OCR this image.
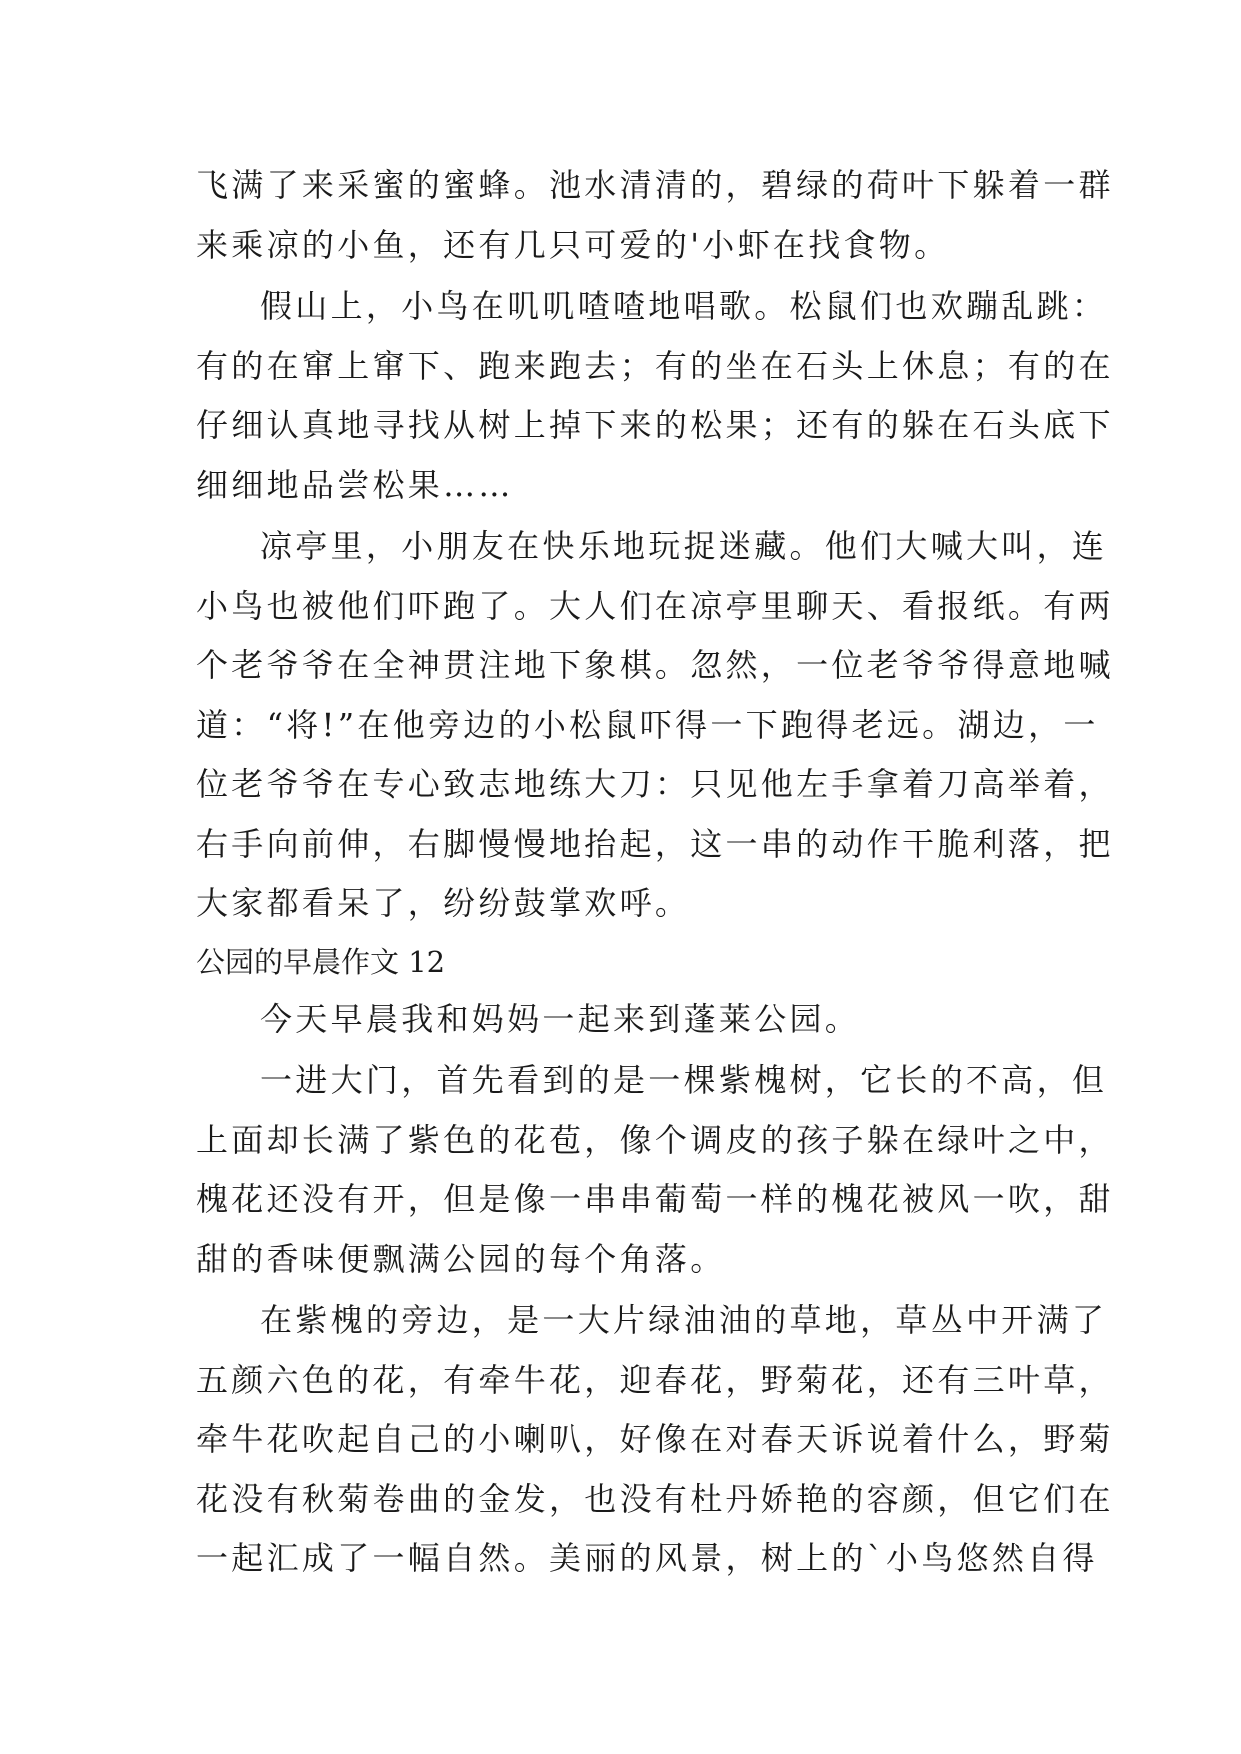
飞满了来采蜜的蜜蜂。池水清清的，碧绿的荷叶下躲着一群
来乘凉的小鱼，还有几只可爱的'小虾在找食物。
假山上，小鸟在叽叽喳喳地唱歌。松鼠们也欢蹦乱跳：
有的在窜上窜下、跑来跑去；有的坐在石头上休息；有的在
仔细认真地寻找从树上掉下来的松果；还有的躲在石头底下
细细地品尝松果……
凉亭里，小朋友在快乐地玩捉迷藏。他们大喊大叫，连
小鸟也被他们吓跑了。大人们在凉亭里聊天、看报纸。有两
个老爷爷在全神贯注地下象棋。忽然，一位老爷爷得意地喊
道：“将!”在他旁边的小松鼠吓得一下跑得老远。湖边，一
位老爷爷在专心致志地练大刀：只见他左手拿着刀高举着，
右手向前伸，右脚慢慢地抬起，这一串的动作干脆利落，把
大家都看呆了，纷纷鼓掌欢呼。
公园的早晨作文 12
今天早晨我和妈妈一起来到蓬莱公园。
一进大门，首先看到的是一棵紫槐树，它长的不高，但
上面却长满了紫色的花苞，像个调皮的孩子躲在绿叶之中，
槐花还没有开，但是像一串串葡萄一样的槐花被风一吹，甜
甜的香味便飘满公园的每个角落。
在紫槐的旁边，是一大片绿油油的草地，草丛中开满了
五颜六色的花，有牵牛花，迎春花，野菊花，还有三叶草，
牵牛花吹起自己的小喇叭，好像在对春天诉说着什么，野菊
花没有秋菊卷曲的金发，也没有杜丹娇艳的容颜，但它们在
一起汇成了一幅自然。美丽的风景，树上的`小鸟悠然自得
